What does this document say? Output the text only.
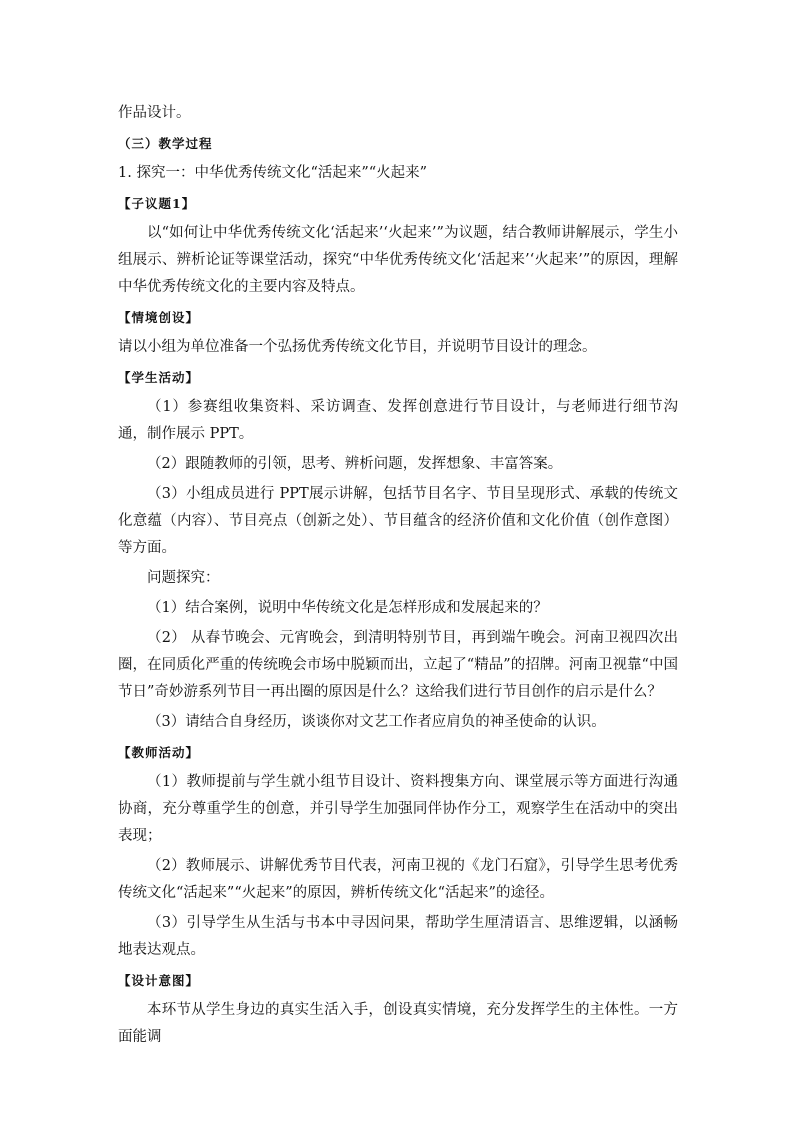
作品设计。

（三）教学过程

1. 探究一：中华优秀传统文化“活起来”“火起来”

【子议题1】

以“如何让中华优秀传统文化‘活起来’‘火起来’”为议题，结合教师讲解展示，学生小组展示、辨析论证等课堂活动，探究“中华优秀传统文化‘活起来’‘火起来’”的原因，理解中华优秀传统文化的主要内容及特点。

【情境创设】

请以小组为单位准备一个弘扬优秀传统文化节目，并说明节目设计的理念。

【学生活动】

（1）参赛组收集资料、采访调查、发挥创意进行节目设计，与老师进行细节沟通，制作展示 PPT。

（2）跟随教师的引领，思考、辨析问题，发挥想象、丰富答案。

（3）小组成员进行 PPT展示讲解，包括节目名字、节目呈现形式、承载的传统文化意蕴（内容）、节目亮点（创新之处）、节目蕴含的经济价值和文化价值（创作意图）等方面。

问题探究：

（1）结合案例，说明中华传统文化是怎样形成和发展起来的？

（2） 从春节晚会、元宵晚会，到清明特别节目，再到端午晚会。河南卫视四次出圈，在同质化严重的传统晚会市场中脱颖而出，立起了“精品”的招牌。河南卫视靠“中国节日”奇妙游系列节目一再出圈的原因是什么？这给我们进行节目创作的启示是什么？

（3）请结合自身经历，谈谈你对文艺工作者应肩负的神圣使命的认识。

【教师活动】

（1）教师提前与学生就小组节目设计、资料搜集方向、课堂展示等方面进行沟通协商，充分尊重学生的创意，并引导学生加强同伴协作分工，观察学生在活动中的突出表现；

（2）教师展示、讲解优秀节目代表，河南卫视的《龙门石窟》，引导学生思考优秀传统文化“活起来”“火起来”的原因，辨析传统文化“活起来”的途径。

（3）引导学生从生活与书本中寻因问果，帮助学生厘清语言、思维逻辑，以涵畅地表达观点。

【设计意图】

本环节从学生身边的真实生活入手，创设真实情境，充分发挥学生的主体性。一方面能调
